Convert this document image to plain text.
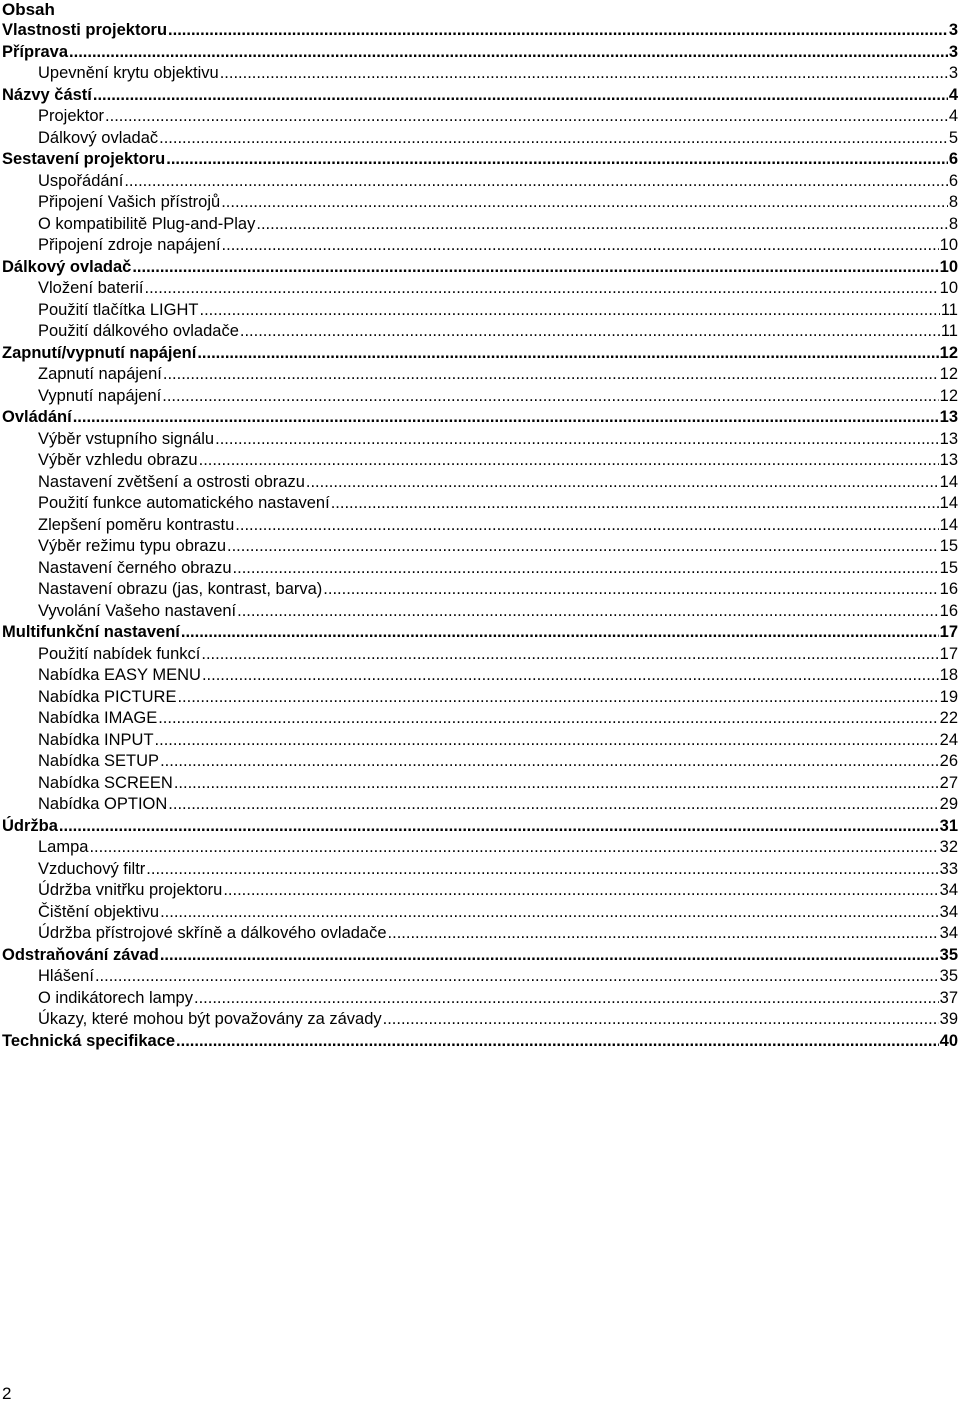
Obsah
Vlastnosti projektoru .....	3
Příprava .....	3
Upevnění krytu objektivu .....	3
Názvy částí .....	4
Projektor .....	4
Dálkový ovladač .....	5
Sestavení projektoru .....	6
Uspořádání .....	6
Připojení Vašich přístrojů .....	8
O kompatibilitě Plug-and-Play .....	8
Připojení zdroje napájení .....	10
Dálkový ovladač .....	10
Vložení baterií .....	10
Použití tlačítka LIGHT .....	11
Použití dálkového ovladače .....	11
Zapnutí/vypnutí napájení .....	12
Zapnutí napájení .....	12
Vypnutí napájení .....	12
Ovládání .....	13
Výběr vstupního signálu .....	13
Výběr vzhledu obrazu .....	13
Nastavení zvětšení a ostrosti obrazu .....	14
Použití funkce automatického nastavení .....	14
Zlepšení poměru kontrastu .....	14
Výběr režimu typu obrazu .....	15
Nastavení černého obrazu .....	15
Nastavení obrazu (jas, kontrast, barva) .....	16
Vyvolání Vašeho nastavení .....	16
Multifunkční nastavení .....	17
Použití nabídek funkcí .....	17
Nabídka EASY MENU .....	18
Nabídka PICTURE .....	19
Nabídka IMAGE .....	22
Nabídka INPUT .....	24
Nabídka SETUP .....	26
Nabídka SCREEN .....	27
Nabídka OPTION .....	29
Údržba .....	31
Lampa .....	32
Vzduchový filtr .....	33
Údržba vnitřku projektoru .....	34
Čištění objektivu .....	34
Údržba přístrojové skříně a dálkového ovladače .....	34
Odstraňování závad .....	35
Hlášení .....	35
O indikátorech lampy .....	37
Úkazy, které mohou být považovány za závady .....	39
Technická specifikace .....	40
2
